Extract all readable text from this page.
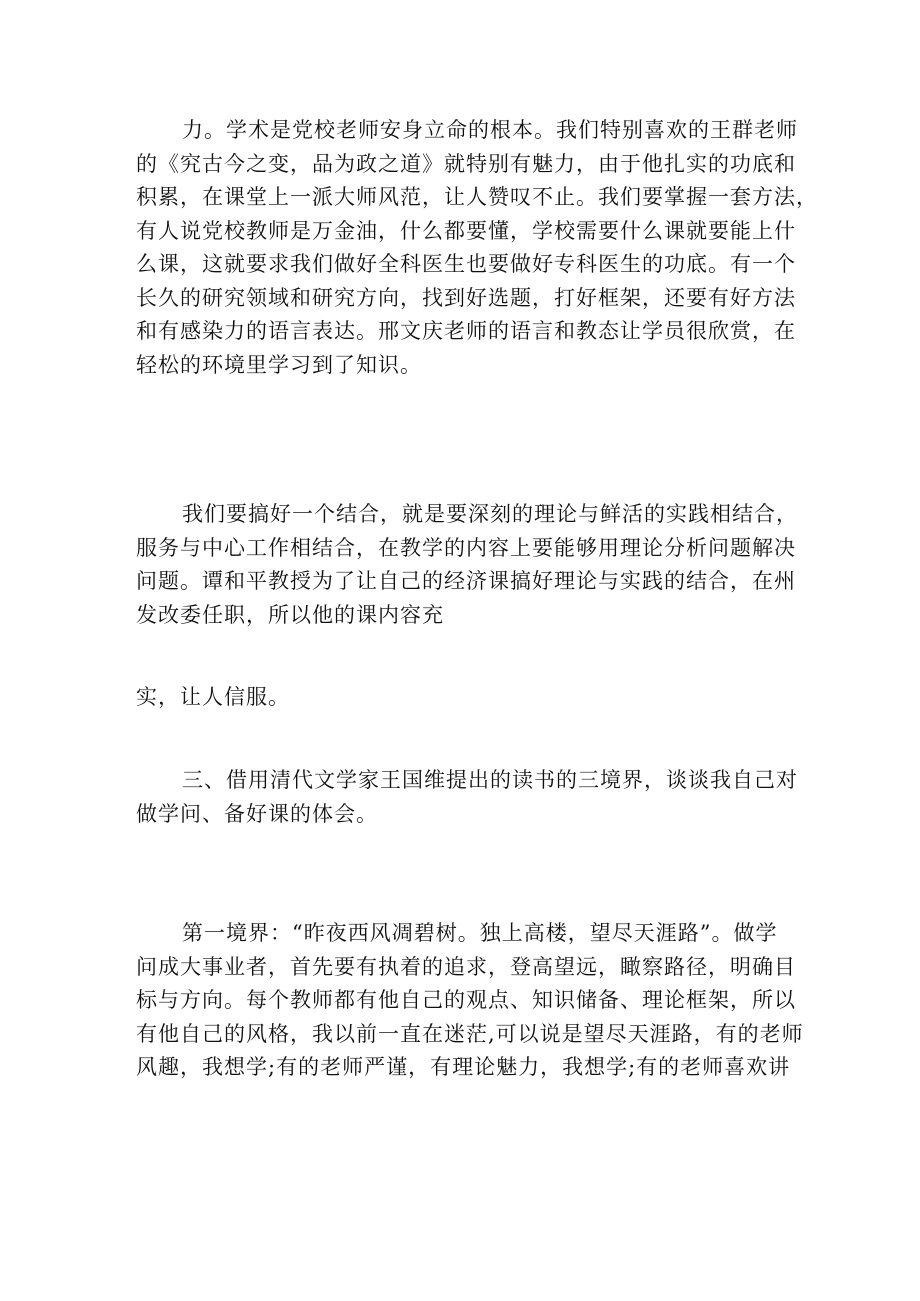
力。学术是党校老师安身立命的根本。我们特别喜欢的王群老师
的《究古今之变，品为政之道》就特别有魅力，由于他扎实的功底和
积累，在课堂上一派大师风范，让人赞叹不止。我们要掌握一套方法，
有人说党校教师是万金油，什么都要懂，学校需要什么课就要能上什
么课，这就要求我们做好全科医生也要做好专科医生的功底。有一个
长久的研究领域和研究方向，找到好选题，打好框架，还要有好方法
和有感染力的语言表达。邢文庆老师的语言和教态让学员很欣赏，在
轻松的环境里学习到了知识。
我们要搞好一个结合，就是要深刻的理论与鲜活的实践相结合，
服务与中心工作相结合，在教学的内容上要能够用理论分析问题解决
问题。谭和平教授为了让自己的经济课搞好理论与实践的结合，在州
发改委任职，所以他的课内容充
实，让人信服。
三、借用清代文学家王国维提出的读书的三境界，谈谈我自己对
做学问、备好课的体会。
第一境界：“昨夜西风凋碧树。独上高楼，望尽天涯路”。做学
问成大事业者，首先要有执着的追求，登高望远，瞰察路径，明确目
标与方向。每个教师都有他自己的观点、知识储备、理论框架，所以
有他自己的风格，我以前一直在迷茫,可以说是望尽天涯路，有的老师
风趣，我想学;有的老师严谨，有理论魅力，我想学;有的老师喜欢讲
